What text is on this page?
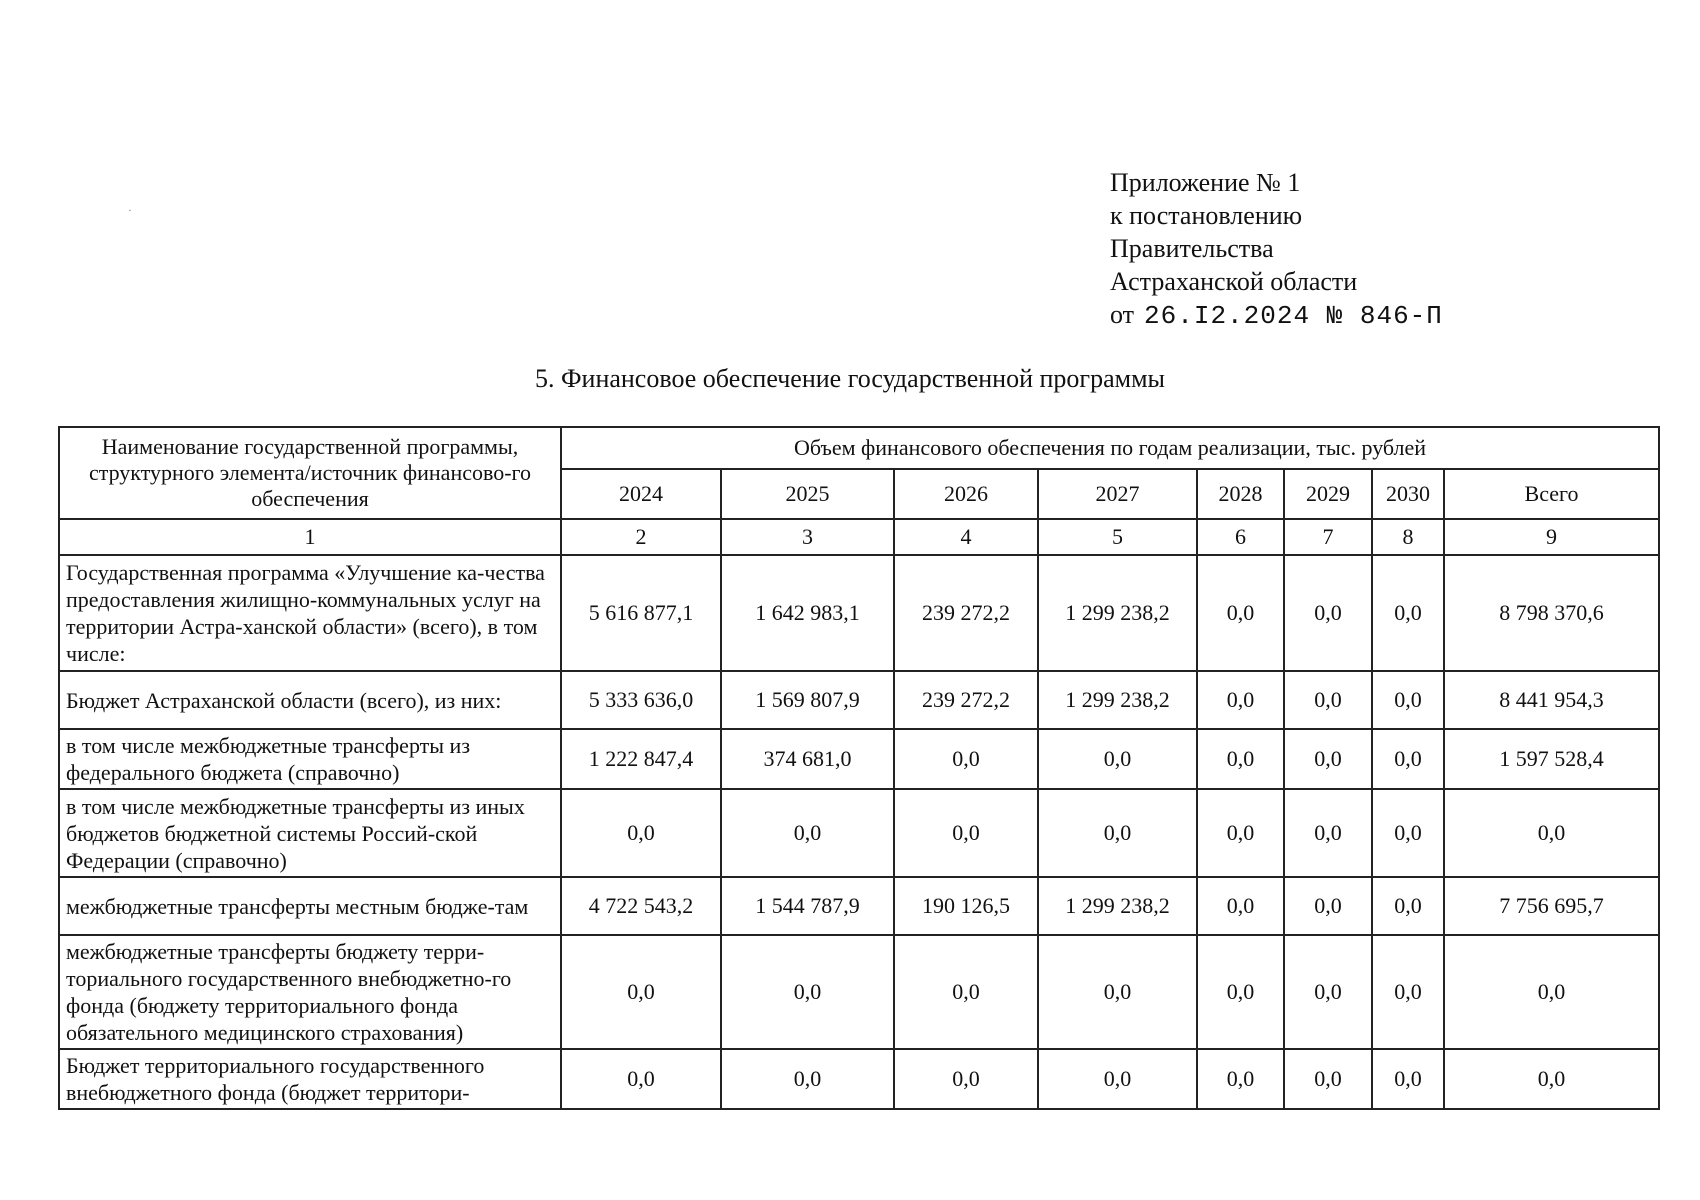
·
Приложение № 1
к постановлению
Правительства
Астраханской области
от 26.I2.2024 № 846-П
5. Финансовое обеспечение государственной программы
Наименование государственной программы, структурного элемента/источник финансово-го обеспечения	Объем финансового обеспечения по годам реализации, тыс. рублей							
	2024	2025	2026	2027	2028	2029	2030	Всего
1	2	3	4	5	6	7	8	9
Государственная программа «Улучшение ка-чества предоставления жилищно-коммунальных услуг на территории Астра-ханской области» (всего), в том числе:	5 616 877,1	1 642 983,1	239 272,2	1 299 238,2	0,0	0,0	0,0	8 798 370,6
Бюджет Астраханской области (всего), из них:	5 333 636,0	1 569 807,9	239 272,2	1 299 238,2	0,0	0,0	0,0	8 441 954,3
в том числе межбюджетные трансферты из федерального бюджета (справочно)	1 222 847,4	374 681,0	0,0	0,0	0,0	0,0	0,0	1 597 528,4
в том числе межбюджетные трансферты из иных бюджетов бюджетной системы Россий-ской Федерации (справочно)	0,0	0,0	0,0	0,0	0,0	0,0	0,0	0,0
межбюджетные трансферты местным бюдже-там	4 722 543,2	1 544 787,9	190 126,5	1 299 238,2	0,0	0,0	0,0	7 756 695,7
межбюджетные трансферты бюджету терри-ториального государственного внебюджетно-го фонда (бюджету территориального фонда обязательного медицинского страхования)	0,0	0,0	0,0	0,0	0,0	0,0	0,0	0,0
Бюджет территориального государственного внебюджетного фонда (бюджет территори-	0,0	0,0	0,0	0,0	0,0	0,0	0,0	0,0
